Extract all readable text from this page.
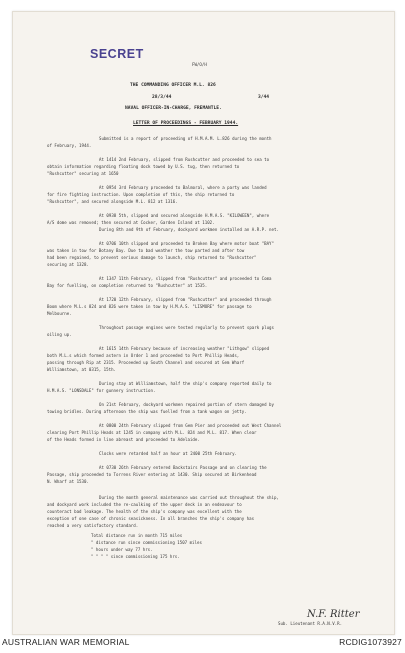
SECRET
FW/O/H
THE COMMANDING OFFICER M.L. 826
28/3/44	3/44
NAVAL OFFICER-IN-CHARGE, FREMANTLE.
LETTER OF PROCEEDINGS - FEBRUARY 1944.
Submitted is a report of proceeding of H.M.A.M. L.826 during the month
of February, 1944.
At 1414 2nd February, slipped from Rushcutter and proceeded to sea to
obtain information regarding floating dock towed by U.S. tug, then returned to
"Rushcutter" securing at 1650
At 0954 3rd February proceeded to Balmoral, where a party was landed
for fire fighting instruction. Upon completion of this, the ship returned to
"Rushcutter", and secured alongside M.L. 812 at 1316.
At 0938 5th, slipped and secured alongside H.M.A.S. "KILOWEEN", where
A/S dome was removed; then secured at Cocker, Garden Island at 1102.
During 8th and 9th of February, dockyard workmen installed an A.R.P. net.
At 0706 10th slipped and proceeded to Broken Bay where motor boat "BAY"
was taken in tow for Botany Bay. Due to bad weather the tow parted and after tow
had been regained, to prevent serious damage to launch, ship returned to "Rushcutter"
securing at 1328.
At 1347 11th February, slipped from "Rushcutter" and proceeded to Coma
Bay for fuelling, on completion returned to "Rushcutter" at 1535.
At 1720 12th February, slipped from "Rushcutter" and proceeded through
Boom where M.L.s 824 and 826 were taken in tow by H.M.A.S. "LISMORE" for passage to
Melbourne.
Throughout passage engines were tested regularly to prevent spark plugs
oiling up.
At 1615 14th February because of increasing weather "Lithgow" slipped
both M.L.s which formed astern in Order 1 and proceeded to Port Phillip Heads,
passing through Rip at 2315. Proceeded up South Channel and secured at Gem Wharf
Williamstown, at 0315, 15th.
During stay at Williamstown, half the ship's company reported daily to
H.M.A.S. "LONSDALE" for gunnery instruction.
On 21st February, dockyard workmen repaired portion of stern damaged by
towing bridles. During afternoon the ship was fuelled from a tank wagon on jetty.
At 0800 24th February slipped from Gem Pier and proceeded out West Channel
clearing Port Phillip Heads at 1245 in company with M.L. 824 and M.L. 817. When clear
of the Heads formed in line abreast and proceeded to Adelaide.
Clocks were retarded half an hour at 2400 25th February.
At 0730 26th February entered Backstairs Passage and on clearing the
Passage, ship proceeded to Torrens River entering at 1430. Ship secured at Birkenhead
N. Wharf at 1530.
During the month general maintenance was carried out throughout the ship,
and dockyard work included the re-caulking of the upper deck in an endeavour to
counteract bad leakage. The health of the ship's company was excellent with the
exception of one case of chronic seasickness. In all branches the ship's company has
reached a very satisfactory standard.
Total distance run in month 715 miles
" distance run since commissioning 1507 miles
" hours under way 77 hrs.
" " " " since commissioning 175 hrs.
N.F. Ritter
Sub. Lieutenant R.A.N.V.R.
AUSTRALIAN WAR MEMORIAL	RCDIG1073927
